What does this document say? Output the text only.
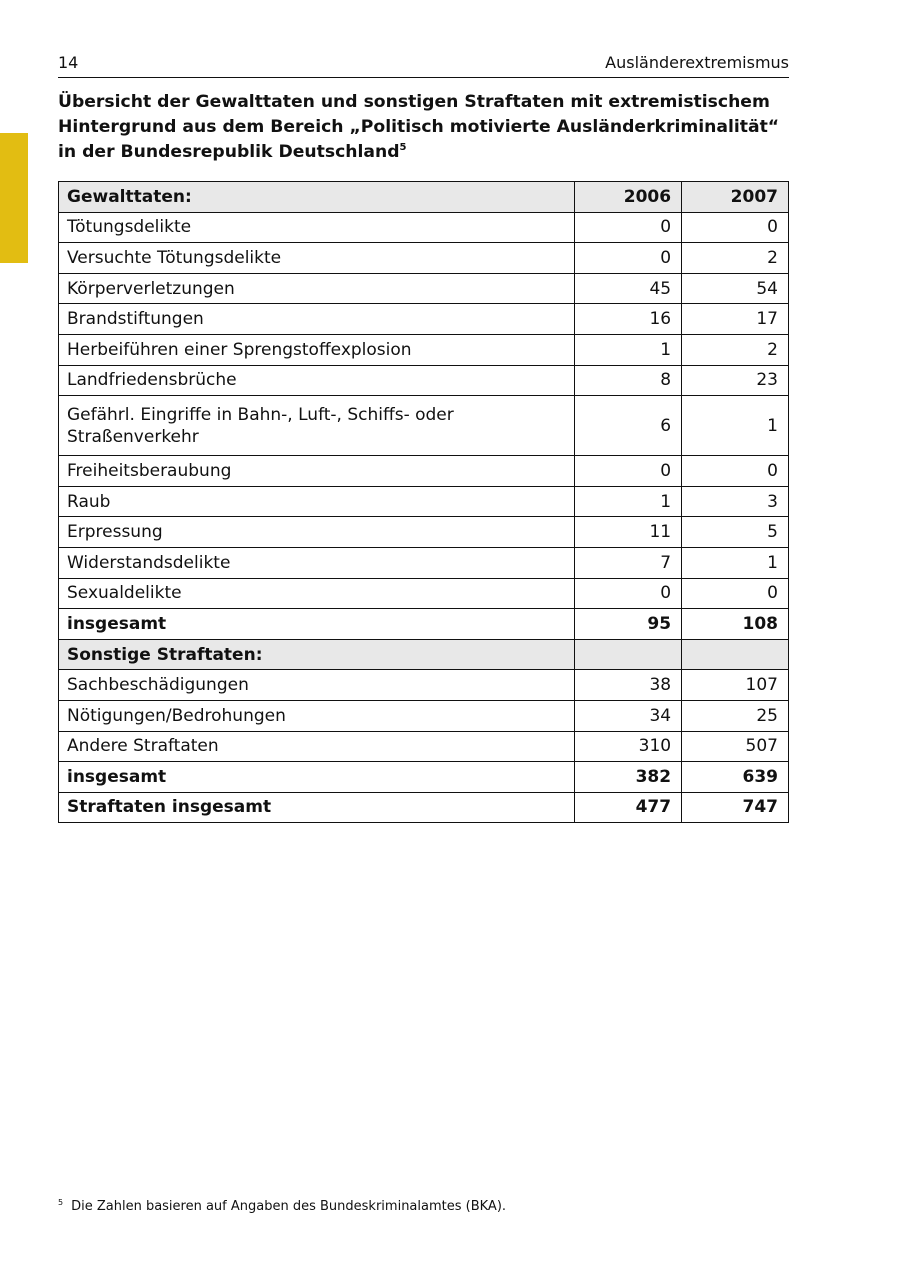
14	Ausländerextremismus
Übersicht der Gewalttaten und sonstigen Straftaten mit extremistischem Hintergrund aus dem Bereich „Politisch motivierte Ausländerkriminalität“ in der Bundesrepublik Deutschland$^5$
Gewalttaten:	2006	2007
Tötungsdelikte	0	0
Versuchte Tötungsdelikte	0	2
Körperverletzungen	45	54
Brandstiftungen	16	17
Herbeiführen einer Sprengstoffexplosion	1	2
Landfriedensbrüche	8	23
Gefährl. Eingriffe in Bahn-, Luft-, Schiffs- oder Straßenverkehr	6	1
Freiheitsberaubung	0	0
Raub	1	3
Erpressung	11	5
Widerstandsdelikte	7	1
Sexualdelikte	0	0
insgesamt	95	108
Sonstige Straftaten:		
Sachbeschädigungen	38	107
Nötigungen/Bedrohungen	34	25
Andere Straftaten	310	507
insgesamt	382	639
Straftaten insgesamt	477	747
$^5$ Die Zahlen basieren auf Angaben des Bundeskriminalamtes (BKA).
